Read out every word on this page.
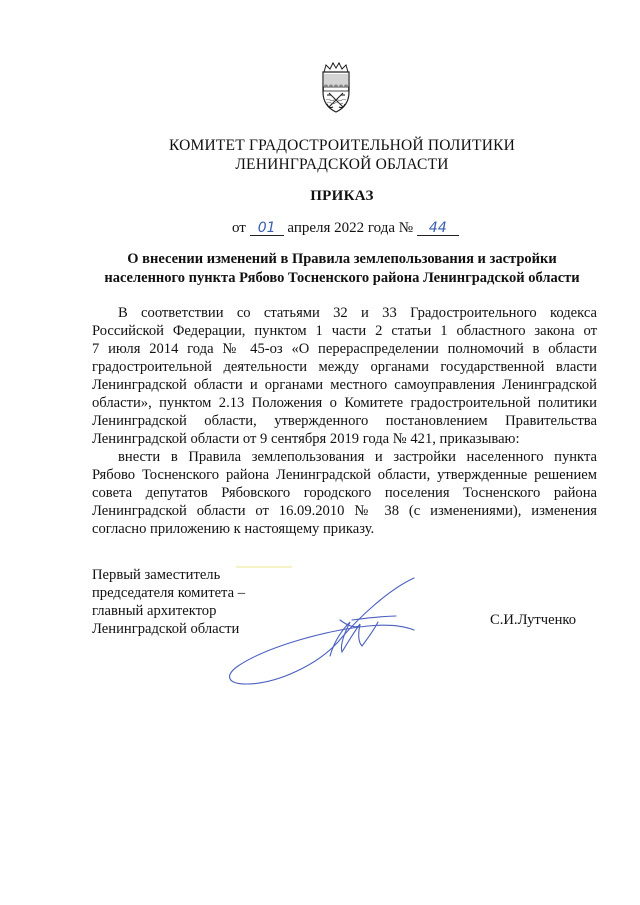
КОМИТЕТ ГРАДОСТРОИТЕЛЬНОЙ ПОЛИТИКИ
ЛЕНИНГРАДСКОЙ ОБЛАСТИ
ПРИКАЗ
от 01 апреля 2022 года № 44
О внесении изменений в Правила землепользования и застройки
населенного пункта Рябово Тосненского района Ленинградской области
В соответствии со статьями 32 и 33 Градостроительного кодекса
Российской Федерации, пунктом 1 части 2 статьи 1 областного закона от
7 июля 2014 года № 45-оз «О перераспределении полномочий в области
градостроительной деятельности между органами государственной власти
Ленинградской области и органами местного самоуправления Ленинградской
области», пунктом 2.13 Положения о Комитете градостроительной политики
Ленинградской области, утвержденного постановлением Правительства
Ленинградской области от 9 сентября 2019 года № 421, приказываю:
внести в Правила землепользования и застройки населенного пункта
Рябово Тосненского района Ленинградской области, утвержденные решением
совета депутатов Рябовского городского поселения Тосненского района
Ленинградской области от 16.09.2010 № 38 (с изменениями), изменения
согласно приложению к настоящему приказу.
Первый заместитель
председателя комитета –
главный архитектор
Ленинградской области
С.И.Лутченко
